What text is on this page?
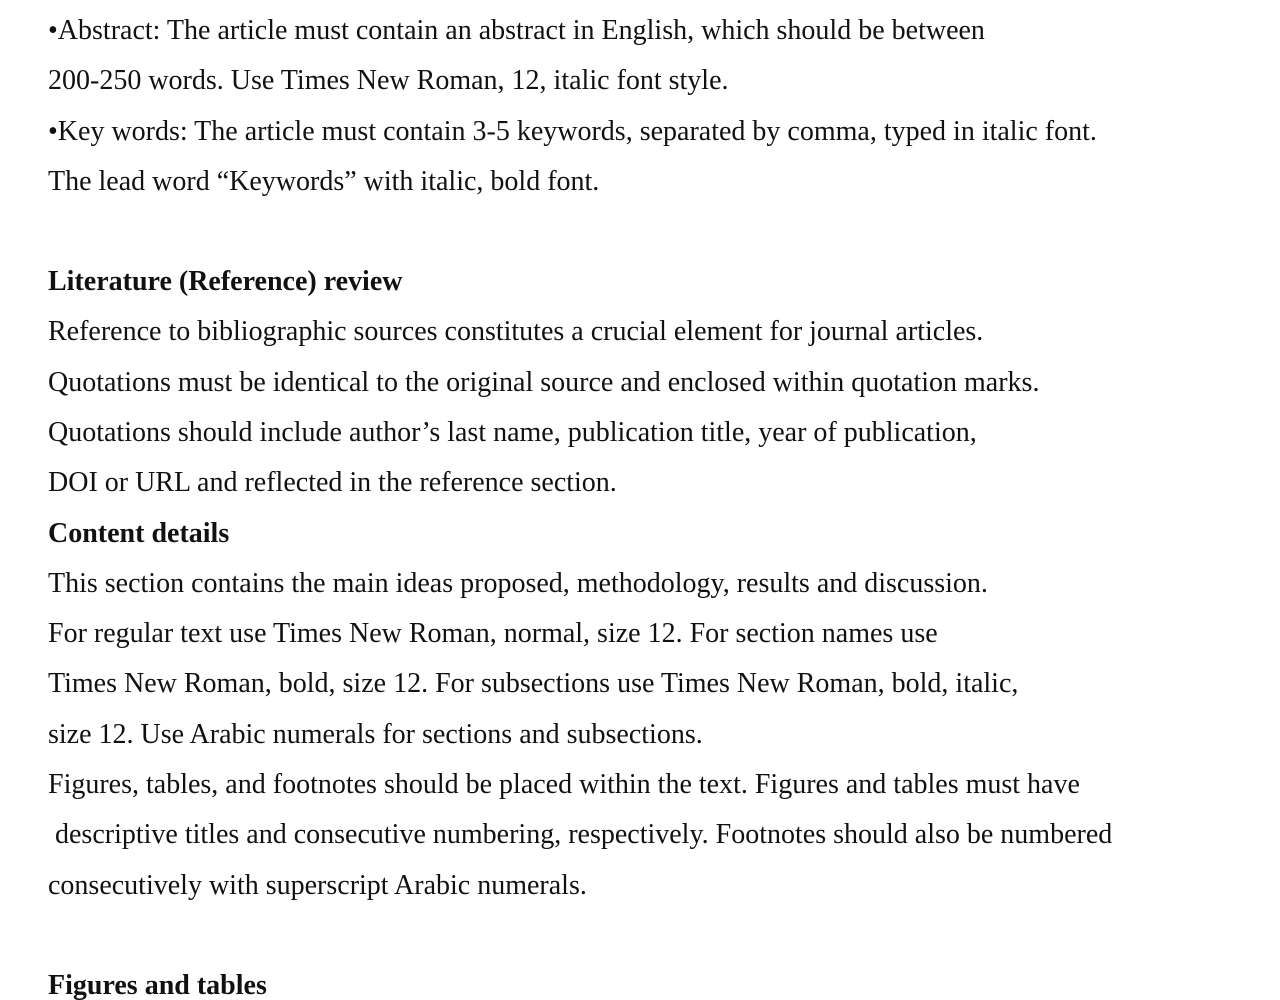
•Abstract: The article must contain an abstract in English, which should be between

200-250 words. Use Times New Roman, 12, italic font style.

•Key words: The article must contain 3-5 keywords, separated by comma, typed in italic font.

The lead word “Keywords” with italic, bold font.

Literature (Reference) review

Reference to bibliographic sources constitutes a crucial element for journal articles.

Quotations must be identical to the original source and enclosed within quotation marks.

Quotations should include author’s last name, publication title, year of publication,

DOI or URL and reflected in the reference section.

Content details

This section contains the main ideas proposed, methodology, results and discussion.

For regular text use Times New Roman, normal, size 12. For section names use

Times New Roman, bold, size 12. For subsections use Times New Roman, bold, italic,

size 12. Use Arabic numerals for sections and subsections.

Figures, tables, and footnotes should be placed within the text. Figures and tables must have

descriptive titles and consecutive numbering, respectively. Footnotes should also be numbered

consecutively with superscript Arabic numerals.

Figures and tables
